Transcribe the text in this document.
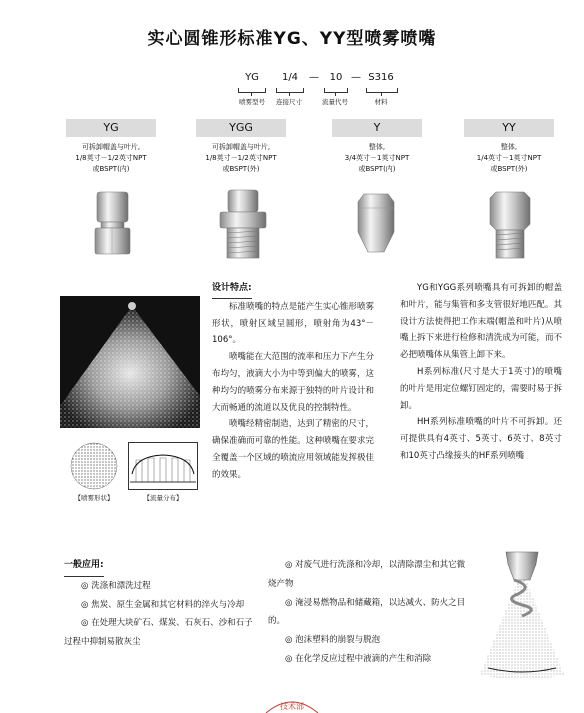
实心圆锥形标准YG、YY型喷雾喷嘴
YG	1/4	—	10 — S316
喷雾型号	连接尺寸	流量代号	材料
YG	YGG	Y	YY
可拆卸帽盖与叶片,
1/8英寸－1/2英寸NPT
或BSPT(内)
可拆卸帽盖与叶片,
1/8英寸－1/2英寸NPT
或BSPT(外)
整体,
3/4英寸－1英寸NPT
或BSPT(内)
整体,
1/4英寸－1英寸NPT
或BSPT(外)
【喷雾形状】	【流量分布】
设计特点:

标准喷嘴的特点是能产生实心锥形喷雾形状，喷射区域呈圆形，喷射角为43°－106°。

喷嘴能在大范围的流率和压力下产生分布均匀，液滴大小为中等到偏大的喷雾，这种均匀的喷雾分布来源于独特的叶片设计和大而畅通的流道以及优良的控制特性。

喷嘴经精密制造，达到了精密的尺寸，确保准确而可靠的性能。这种喷嘴在要求完全覆盖一个区域的喷流应用领域能发挥极佳的效果。

YG和YGG系列喷嘴具有可拆卸的帽盖和叶片，能与集管和多支管很好地匹配。其设计方法使得把工作末端(帽盖和叶片)从喷嘴上拆下来进行检修和清洗成为可能，而不必把喷嘴体从集管上卸下来。

H系列标准(尺寸是大于1英寸)的喷嘴的叶片是用定位螺钉固定的，需要时易于拆卸。

HH系列标准喷嘴的叶片不可拆卸。还可提供具有4英寸、5英寸、6英寸、8英寸和10英寸凸缘接头的HF系列喷嘴

一般应用:

◎ 洗涤和漂洗过程

◎ 焦炭、原生金属和其它材料的淬火与冷却

◎ 在处理大块矿石、煤炭、石灰石、沙和石子过程中抑制易散灰尘

◎ 对废气进行洗涤和冷却，以清除漂尘和其它微烧产物

◎ 淹浸易燃物品和储藏箱，以达减火、防火之目的。

◎ 泡沫塑料的崩裂与脱泡

◎ 在化学反应过程中液滴的产生和消除

技术部
